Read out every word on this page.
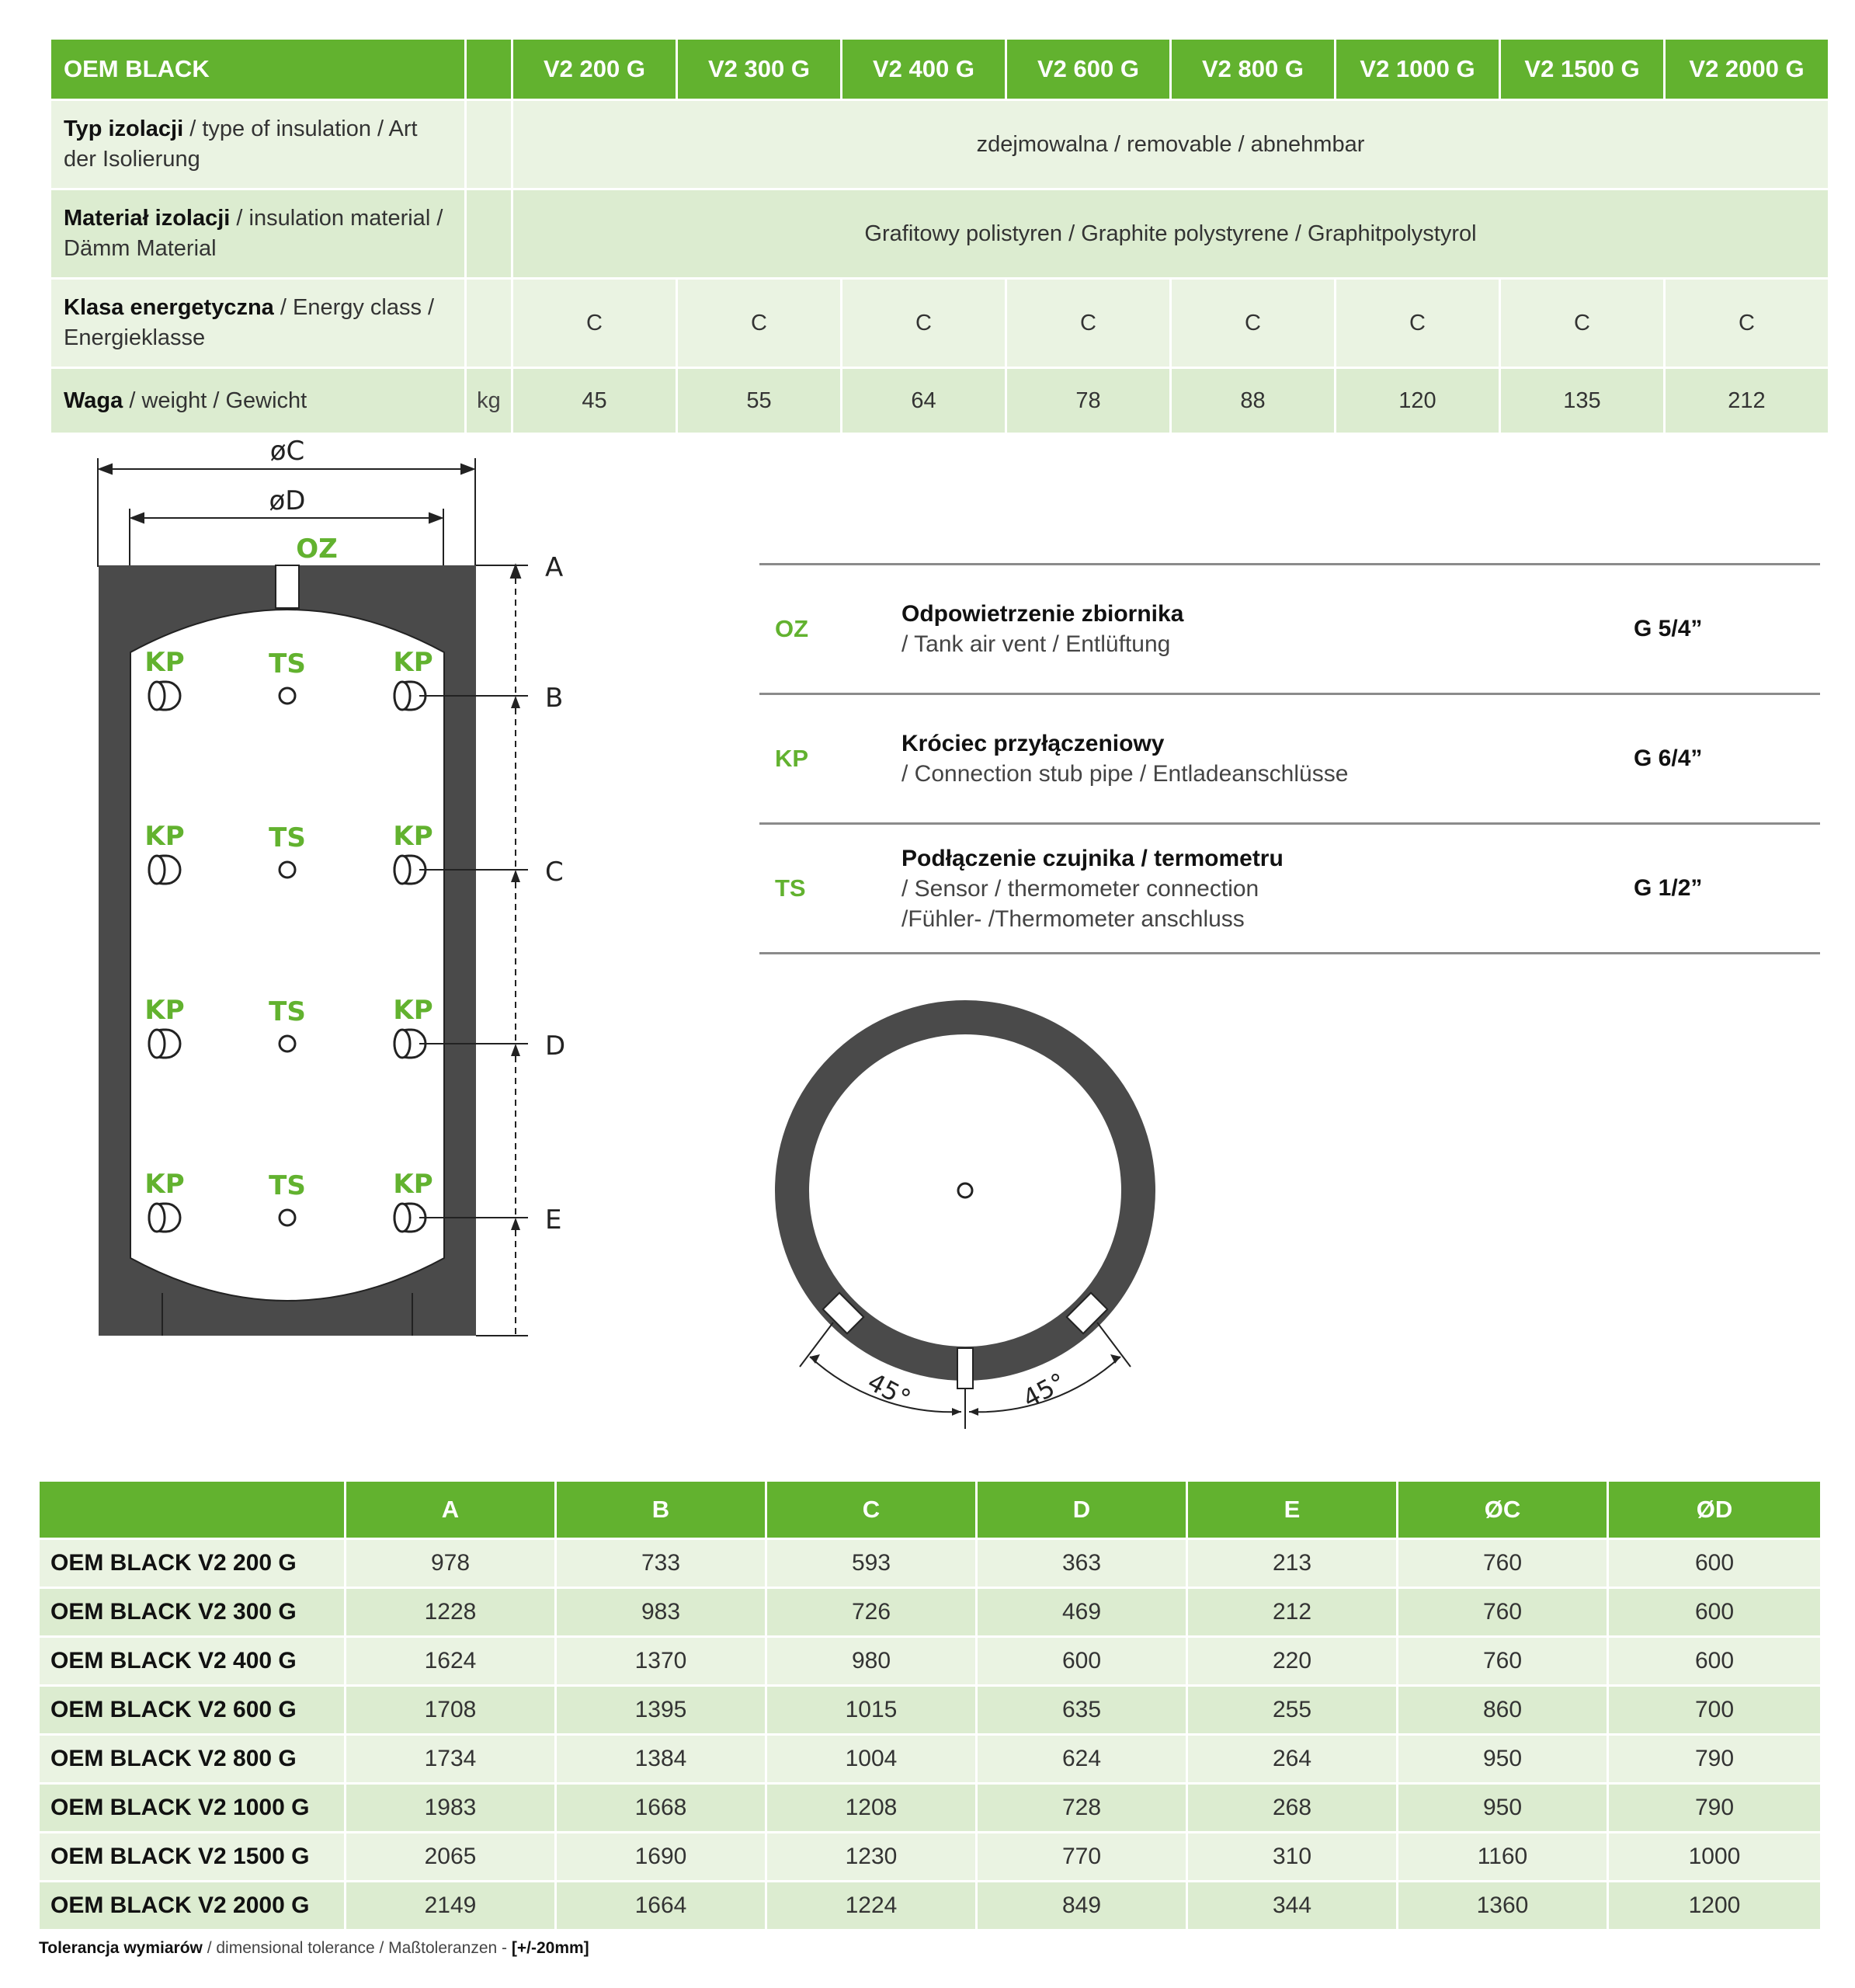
OEM BLACK		V2 200 G	V2 300 G	V2 400 G	V2 600 G	V2 800 G	V2 1000 G	V2 1500 G	V2 2000 G
Typ izolacji / type of insulation / Art der Isolierung		zdejmowalna / removable / abnehmbar							
Materiał izolacji / insulation material / Dämm Material		Grafitowy polistyren / Graphite polystyrene / Graphitpolystyrol							
Klasa energetyczna / Energy class / Energieklasse		C	C	C	C	C	C	C	C
Waga / weight / Gewicht	kg	45	55	64	78	88	120	135	212
øC
øD
OZ
KP	TS	KP
KP	TS	KP
KP	TS	KP
KP	TS	KP
A
B
C
D
E
OZ
Odpowietrzenie zbiornika
/ Tank air vent / Entlüftung
G 5/4”
KP
Króciec przyłączeniowy
/ Connection stub pipe / Entladeanschlüsse
G 6/4”
TS
Podłączenie czujnika / termometru
/ Sensor / thermometer connection
/Fühler- /Thermometer anschluss
G 1/2”
45°	45°
	A	B	C	D	E	ØC	ØD
OEM BLACK V2 200 G	978	733	593	363	213	760	600
OEM BLACK V2 300 G	1228	983	726	469	212	760	600
OEM BLACK V2 400 G	1624	1370	980	600	220	760	600
OEM BLACK V2 600 G	1708	1395	1015	635	255	860	700
OEM BLACK V2 800 G	1734	1384	1004	624	264	950	790
OEM BLACK V2 1000 G	1983	1668	1208	728	268	950	790
OEM BLACK V2 1500 G	2065	1690	1230	770	310	1160	1000
OEM BLACK V2 2000 G	2149	1664	1224	849	344	1360	1200
Tolerancja wymiarów / dimensional tolerance / Maßtoleranzen - [+/-20mm]
